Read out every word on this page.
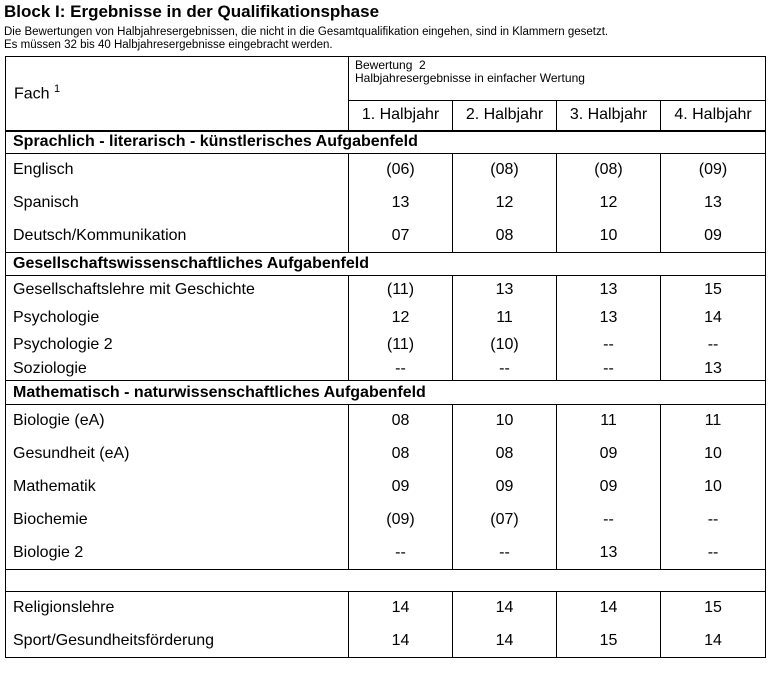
Block I: Ergebnisse in der Qualifikationsphase
Die Bewertungen von Halbjahresergebnissen, die nicht in die Gesamtqualifikation eingehen, sind in Klammern gesetzt.
Es müssen 32 bis 40 Halbjahresergebnisse eingebracht werden.
Fach $^1$	Bewertung 2
Halbjahresergebnisse in einfacher Wertung			
	1. Halbjahr	2. Halbjahr	3. Halbjahr	4. Halbjahr
Sprachlich - literarisch - künstlerisches Aufgabenfeld				
Englisch	(06)	(08)	(08)	(09)
Spanisch	13	12	12	13
Deutsch/Kommunikation	07	08	10	09
Gesellschaftswissenschaftliches Aufgabenfeld				
Gesellschaftslehre mit Geschichte	(11)	13	13	15
Psychologie	12	11	13	14
Psychologie 2	(11)	(10)	--	--
Soziologie	--	--	--	13
Mathematisch - naturwissenschaftliches Aufgabenfeld				
Biologie (eA)	08	10	11	11
Gesundheit (eA)	08	08	09	10
Mathematik	09	09	09	10
Biochemie	(09)	(07)	--	--
Biologie 2	--	--	13	--

Religionslehre	14	14	14	15
Sport/Gesundheitsförderung	14	14	15	14
